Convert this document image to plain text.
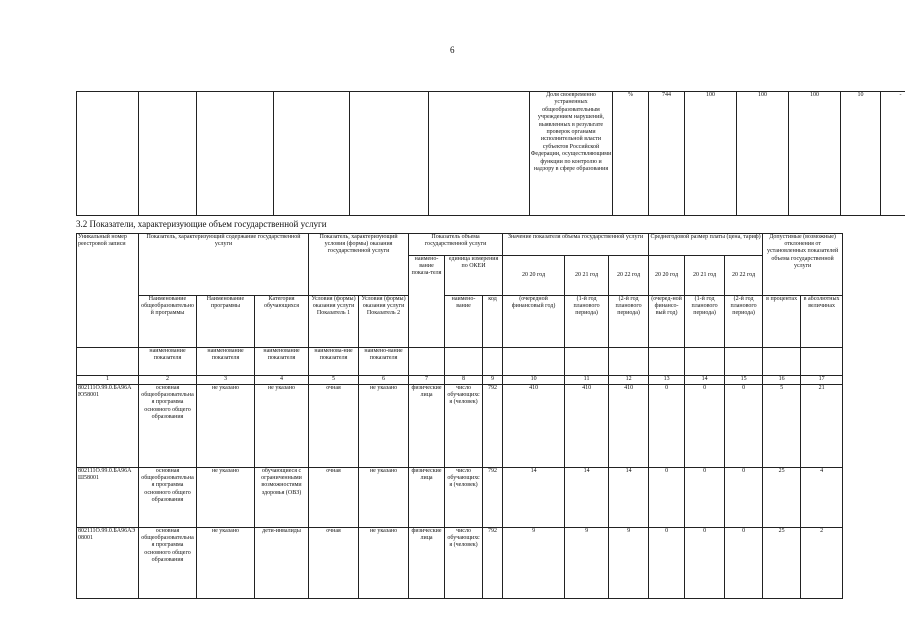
6
						Доля своевременно устраненных общеобразовательным учреждением нарушений, выявленных в результате проверок органами исполнительной власти субъектов Российской Федерации, осуществляющими функции по контролю и надзору в сфере образования	%	744	100	100	100	10	-
3.2 Показатели, характеризующие объем государственной услуги
Уникальный номер реестровой записи	Показатель, характеризующий содержание государственной услуги			Показатель, характеризующий условия (формы) оказания государственной услуги		Показатель объема государственной услуги			Значение показателя объема государственной услуги			Среднегодовой размер платы (цена, тариф)			Допустимые (возможные) отклонения от установленных показателей объема государственной услуги	
						наимено-вание показа-теля	единица измерения по ОКЕИ		20 20 год	20 21 год	20 22 год	20 20 год	20 21 год	20 22 год		
	Наименование общеобразовательной программы	Наименование программы	Категория обучающихся	Условия (формы) оказания услуги Показатель 1	Условия (формы) оказания услуги Показатель 2		наимено-вание	код	(очередной финансовый год)	(1-й год планового периода)	(2-й год планового периода)	(очеред-ной финансо-вый год)	(1-й год планового периода)	(2-й год планового периода)	в процентах	в абсолютных величинах
	наименование показателя	наименование показателя	наименование показателя	наименова-ние показателя	наимено-вание показателя											
1	2	3	4	5	6	7	8	9	10	11	12	13	14	15	16	17
802111О.99.0.БА96АЮ58001	основная общеобразовательная программа основного общего образования	не указано	не указано	очная	не указано	физические лица	число обучающихся (человек)	792	410	410	410	0	0	0	5	21
802111О.99.0.БА96АШ58001	основная общеобразовательная программа основного общего образования	не указано	обучающиеся с ограниченными возможностями здоровья (ОВЗ)	очная	не указано	физические лица	число обучающихся (человек)	792	14	14	14	0	0	0	25	4
802111О.99.0.БА96АЭ08001	основная общеобразовательная программа основного общего образования	не указано	дети-инвалиды	очная	не указано	физические лица	число обучающихся (человек)	792	9	9	9	0	0	0	25	2
